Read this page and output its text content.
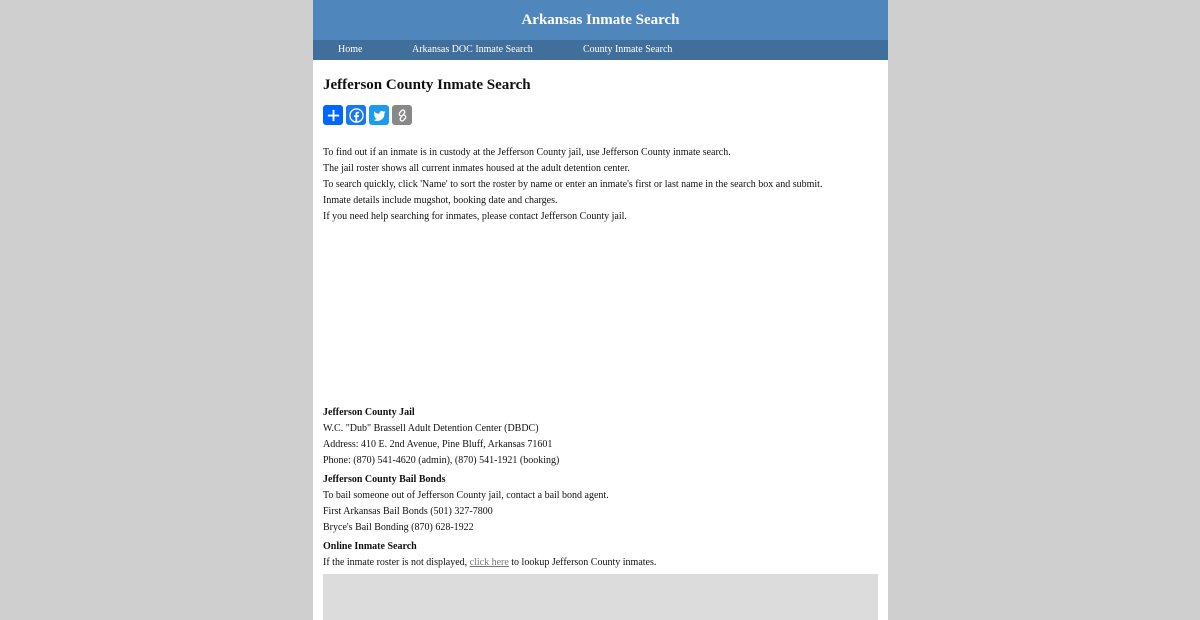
Arkansas Inmate Search
Home	Arkansas DOC Inmate Search	County Inmate Search
Jefferson County Inmate Search
To find out if an inmate is in custody at the Jefferson County jail, use Jefferson County inmate search.
The jail roster shows all current inmates housed at the adult detention center.
To search quickly, click 'Name' to sort the roster by name or enter an inmate's first or last name in the search box and submit.
Inmate details include mugshot, booking date and charges.
If you need help searching for inmates, please contact Jefferson County jail.
Jefferson County Jail
W.C. "Dub" Brassell Adult Detention Center (DBDC)
Address: 410 E. 2nd Avenue, Pine Bluff, Arkansas 71601
Phone: (870) 541-4620 (admin), (870) 541-1921 (booking)
Jefferson County Bail Bonds
To bail someone out of Jefferson County jail, contact a bail bond agent.
First Arkansas Bail Bonds (501) 327-7800
Bryce's Bail Bonding (870) 628-1922
Online Inmate Search
If the inmate roster is not displayed, click here to lookup Jefferson County inmates.
